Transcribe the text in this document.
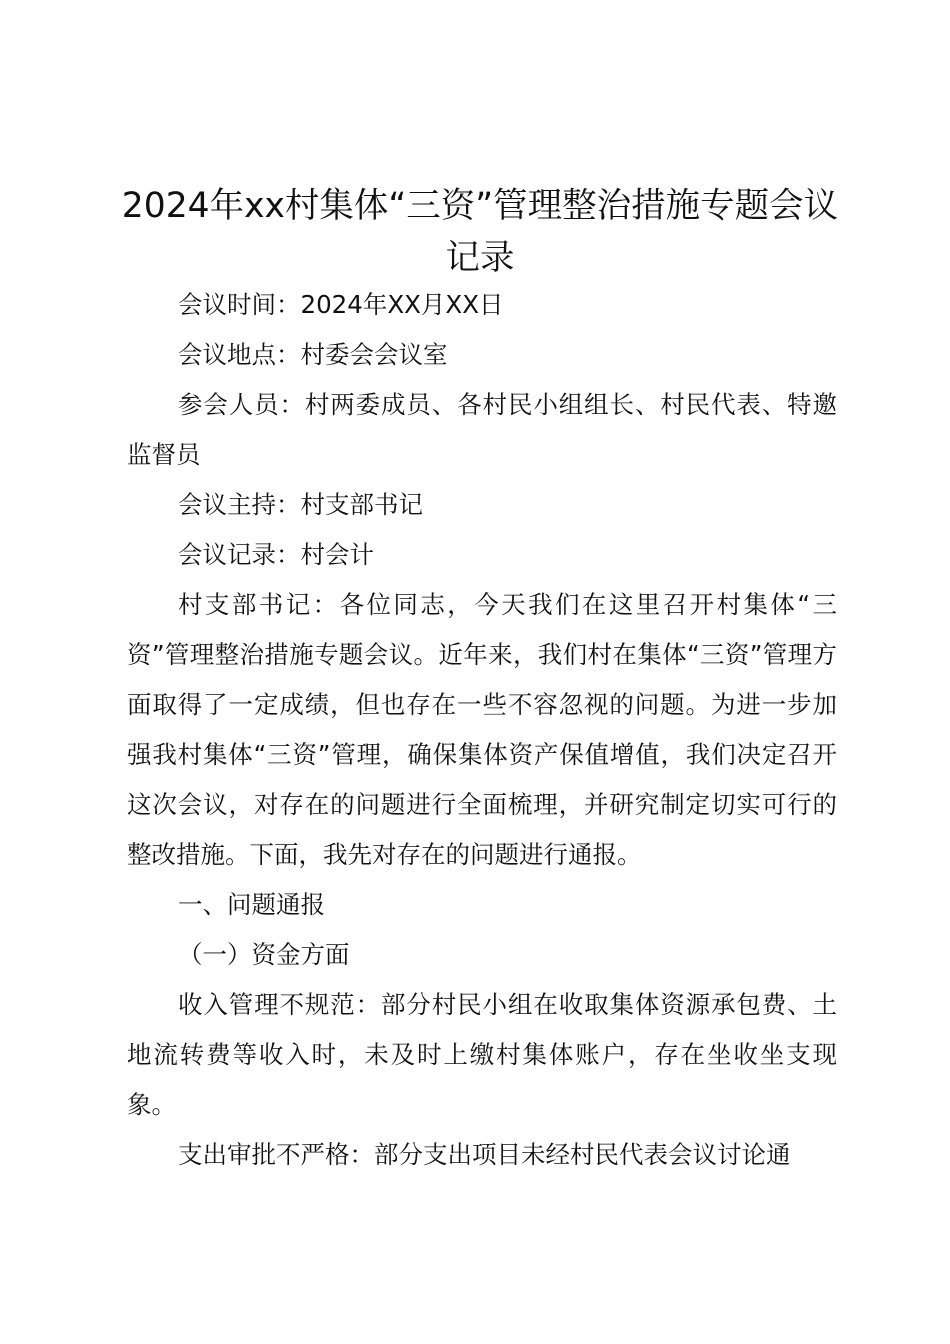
2024年xx村集体“三资”管理整治措施专题会议记录

会议时间：2024年XX月XX日

会议地点：村委会会议室

参会人员：村两委成员、各村民小组组长、村民代表、特邀监督员

会议主持：村支部书记

会议记录：村会计

村支部书记：各位同志，今天我们在这里召开村集体“三资”管理整治措施专题会议。近年来，我们村在集体“三资”管理方面取得了一定成绩，但也存在一些不容忽视的问题。为进一步加强我村集体“三资”管理，确保集体资产保值增值，我们决定召开这次会议，对存在的问题进行全面梳理，并研究制定切实可行的整改措施。下面，我先对存在的问题进行通报。

一、问题通报

（一）资金方面

收入管理不规范：部分村民小组在收取集体资源承包费、土地流转费等收入时，未及时上缴村集体账户，存在坐收坐支现象。

支出审批不严格：部分支出项目未经村民代表会议讨论通
